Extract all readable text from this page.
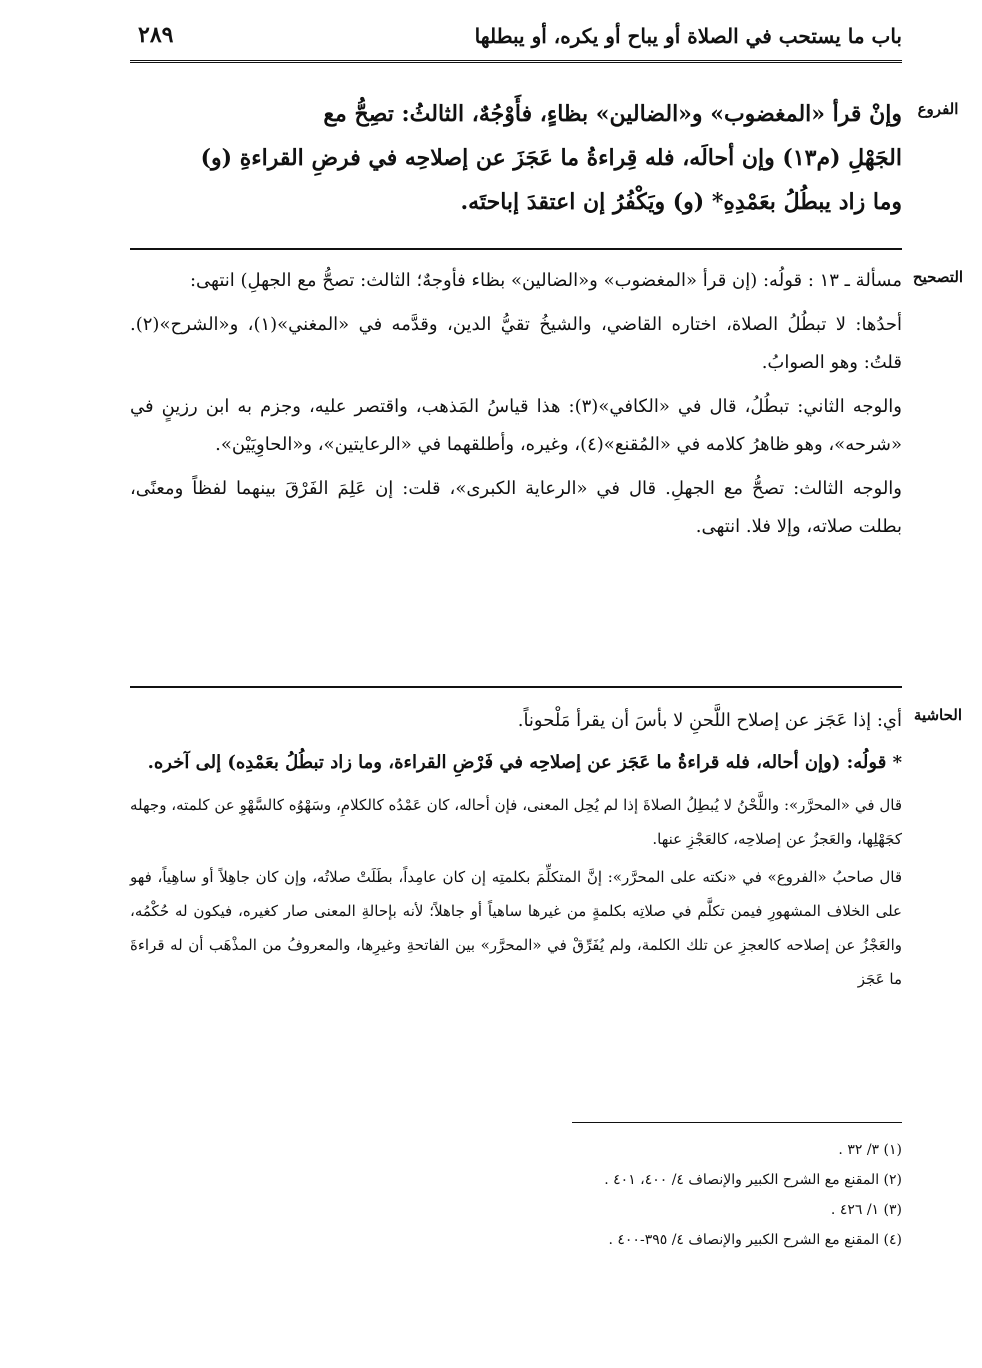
باب ما يستحب في الصلاة أو يباح أو يكره، أو يبطلها
٢٨٩
الفروع

وإنْ قرأ «المغضوب» و«الضالين» بظاءٍ، فأَوْجُهٌ، الثالثُ: تصِحُّ مع

الجَهْلِ (م١٣) وإن أحالَه، فله قِراءةُ ما عَجَزَ عن إصلاحِه في فرضِ القراءةِ (و)

وما زاد يبطُلُ بعَمْدِهِ* (و) ويَكْفُرُ إن اعتقدَ إباحتَه.

التصحيح

مسألة ـ ١٣ : قولُه: (إن قرأ «المغضوب» و«الضالين» بظاء فأوجهٌ؛ الثالث: تصحُّ مع الجهلِ) انتهى:

أحدُها: لا تبطُلُ الصلاة، اختاره القاضي، والشيخُ تقيُّ الدين، وقدَّمه في «المغني»(١)، و«الشرح»(٢). قلتُ: وهو الصوابُ.

والوجه الثاني: تبطُلُ، قال في «الكافي»(٣): هذا قياسُ المَذهب، واقتصر عليه، وجزم به ابن رزينٍ في «شرحه»، وهو ظاهرُ كلامه في «المُقنع»(٤)، وغيره، وأطلقهما في «الرعايتين»، و«الحاوِيَيْن».

والوجه الثالث: تصحُّ مع الجهلِ. قال في «الرعاية الكبرى»، قلت: إن عَلِمَ الفَرْقَ بينهما لفظاً ومعنًى، بطلت صلاته، وإلا فلا. انتهى.

الحاشية

أي: إذا عَجَز عن إصلاح اللَّحنِ لا بأسَ أن يقرأ مَلْحوناً.

* قولُه: (وإن أحاله، فله قراءةُ ما عَجَز عن إصلاحِه في فَرْضِ القراءة، وما زاد تبطُلُ بعَمْدِه) إلى آخره.

قال في «المحرَّر»: واللَّحْنُ لا يُبطِلُ الصلاةَ إذا لم يُحِل المعنى، فإن أحاله، كان عَمْدُه كالكلامِ، وسَهْوُه كالسَّهْوِ عن كلمته، وجهله كجَهْلِها، والعَجزُ عن إصلاحِه، كالعَجْزِ عنها.

قال صاحبُ «الفروع» في «نكته على المحرَّر»: إنَّ المتكلِّمَ بكلمتِه إن كان عامِداً، بطَلَتْ صلاتُه، وإن كان جاهِلاً أو ساهِياً، فهو على الخلاف المشهورِ فيمن تكلَّم في صلاتِه بكلمةٍ من غيرها ساهياً أو جاهلاً؛ لأنه بإحالةِ المعنى صار كغيره، فيكون له حُكْمُه، والعَجْزُ عن إصلاحه كالعجزِ عن تلك الكلمة، ولم يُفَرِّقْ في «المحرَّر» بين الفاتحةِ وغيرِها، والمعروفُ من المذْهَب أن له قراءةَ ما عَجَز

(١) ٣/ ٣٢ .

(٢) المقنع مع الشرح الكبير والإنصاف ٤/ ٤٠٠، ٤٠١ .

(٣) ١/ ٤٢٦ .

(٤) المقنع مع الشرح الكبير والإنصاف ٤/ ٣٩٥-٤٠٠ .
